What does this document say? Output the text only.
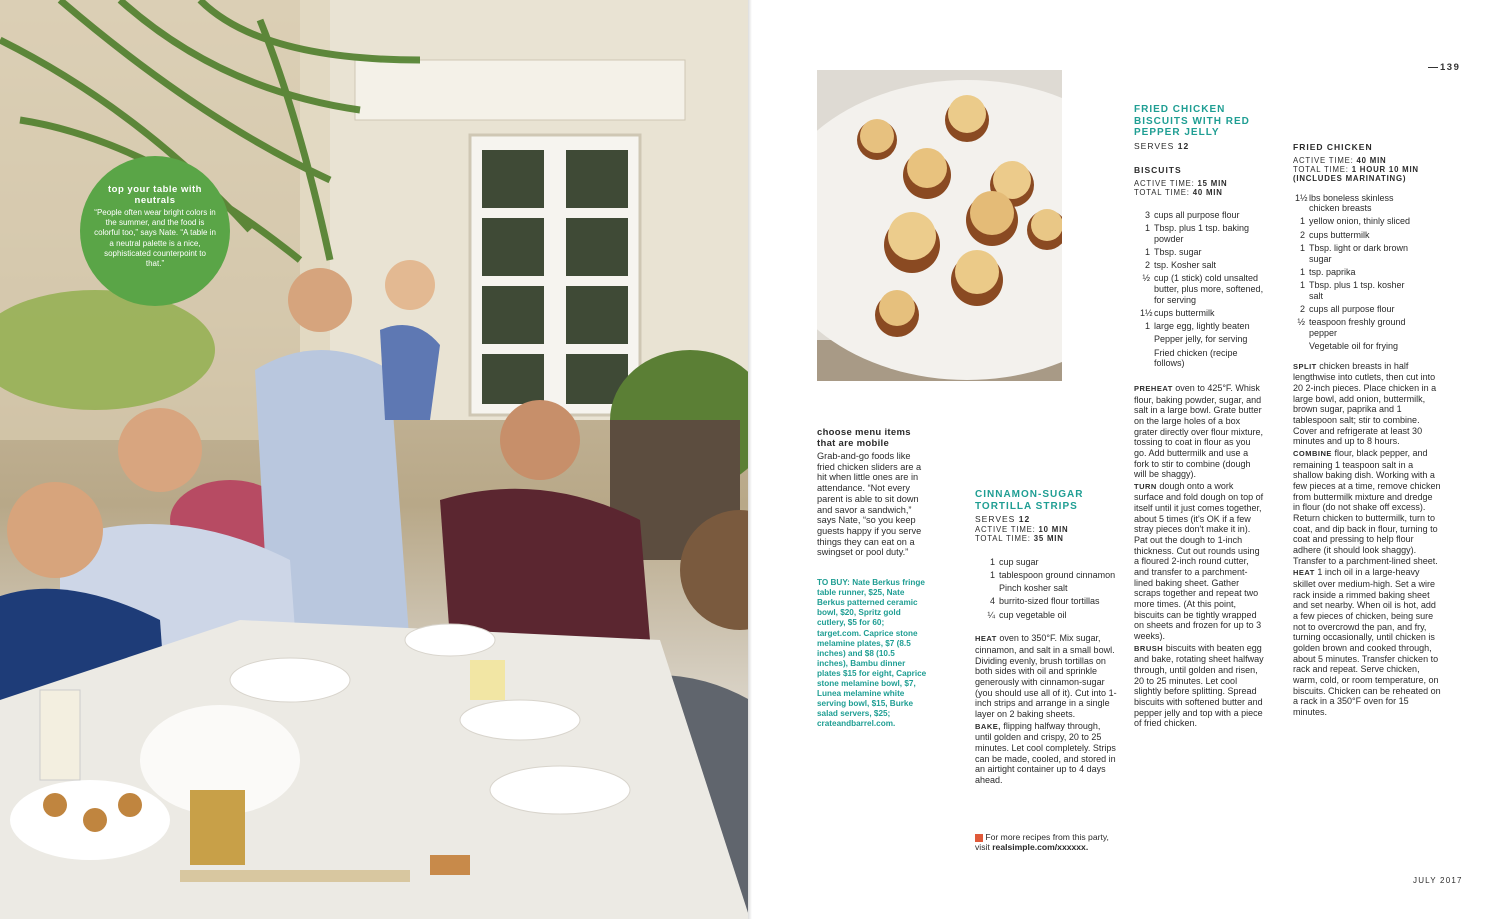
top your table with neutrals
“People often wear bright colors in the summer, and the food is colorful too,” says Nate. “A table in a neutral palette is a nice, sophisticated counterpoint to that.”
139
choose menu items that are mobile
Grab-and-go foods like fried chicken sliders are a hit when little ones are in attendance. “Not every parent is able to sit down and savor a sandwich,” says Nate, “so you keep guests happy if you serve things they can eat on a swingset or pool duty.”
TO BUY: Nate Berkus fringe table runner, $25, Nate Berkus patterned ceramic bowl, $20, Spritz gold cutlery, $5 for 60; target.com. Caprice stone melamine plates, $7 (8.5 inches) and $8 (10.5 inches), Bambu dinner plates $15 for eight, Caprice stone melamine bowl, $7, Lunea melamine white serving bowl, $15, Burke salad servers, $25; crateandbarrel.com.
CINNAMON-SUGAR TORTILLA STRIPS
SERVES 12
ACTIVE TIME: 10 MIN
TOTAL TIME: 35 MIN
1 cup sugar
1 tablespoon ground cinnamon
Pinch kosher salt
4 burrito-sized flour tortillas
¼ cup vegetable oil

HEAT oven to 350°F. Mix sugar, cinnamon, and salt in a small bowl. Dividing evenly, brush tortillas on both sides with oil and sprinkle generously with cinnamon-sugar (you should use all of it). Cut into 1-inch strips and arrange in a single layer on 2 baking sheets.

BAKE, flipping halfway through, until golden and crispy, 20 to 25 minutes. Let cool completely. Strips can be made, cooled, and stored in an airtight container up to 4 days ahead.

For more recipes from this party, visit realsimple.com/xxxxxx.
FRIED CHICKEN BISCUITS WITH RED PEPPER JELLY
SERVES 12
BISCUITS
ACTIVE TIME: 15 MIN
TOTAL TIME: 40 MIN
3 cups all purpose flour
1 Tbsp. plus 1 tsp. baking powder
1 Tbsp. sugar
2 tsp. Kosher salt
½ cup (1 stick) cold unsalted butter, plus more, softened, for serving
1½ cups buttermilk
1 large egg, lightly beaten
Pepper jelly, for serving
Fried chicken (recipe follows)

PREHEAT oven to 425°F. Whisk flour, baking powder, sugar, and salt in a large bowl. Grate butter on the large holes of a box grater directly over flour mixture, tossing to coat in flour as you go. Add buttermilk and use a fork to stir to combine (dough will be shaggy).

TURN dough onto a work surface and fold dough on top of itself until it just comes together, about 5 times (it's OK if a few stray pieces don't make it in). Pat out the dough to 1-inch thickness. Cut out rounds using a floured 2-inch round cutter, and transfer to a parchment-lined baking sheet. Gather scraps together and repeat two more times. (At this point, biscuits can be tightly wrapped on sheets and frozen for up to 3 weeks).

BRUSH biscuits with beaten egg and bake, rotating sheet halfway through, until golden and risen, 20 to 25 minutes. Let cool slightly before splitting. Spread biscuits with softened butter and pepper jelly and top with a piece of fried chicken.

FRIED CHICKEN
ACTIVE TIME: 40 MIN
TOTAL TIME: 1 HOUR 10 MIN (INCLUDES MARINATING)
1½ lbs boneless skinless chicken breasts
1 yellow onion, thinly sliced
2 cups buttermilk
1 Tbsp. light or dark brown sugar
1 tsp. paprika
1 Tbsp. plus 1 tsp. kosher salt
2 cups all purpose flour
½ teaspoon freshly ground pepper
Vegetable oil for frying

SPLIT chicken breasts in half lengthwise into cutlets, then cut into 20 2-inch pieces. Place chicken in a large bowl, add onion, buttermilk, brown sugar, paprika and 1 tablespoon salt; stir to combine. Cover and refrigerate at least 30 minutes and up to 8 hours.

COMBINE flour, black pepper, and remaining 1 teaspoon salt in a shallow baking dish. Working with a few pieces at a time, remove chicken from buttermilk mixture and dredge in flour (do not shake off excess). Return chicken to buttermilk, turn to coat, and dip back in flour, turning to coat and pressing to help flour adhere (it should look shaggy). Transfer to a parchment-lined sheet.

HEAT 1 inch oil in a large-heavy skillet over medium-high. Set a wire rack inside a rimmed baking sheet and set nearby. When oil is hot, add a few pieces of chicken, being sure not to overcrowd the pan, and fry, turning occasionally, until chicken is golden brown and cooked through, about 5 minutes. Transfer chicken to rack and repeat. Serve chicken, warm, cold, or room temperature, on biscuits. Chicken can be reheated on a rack in a 350°F oven for 15 minutes.

JULY 2017
